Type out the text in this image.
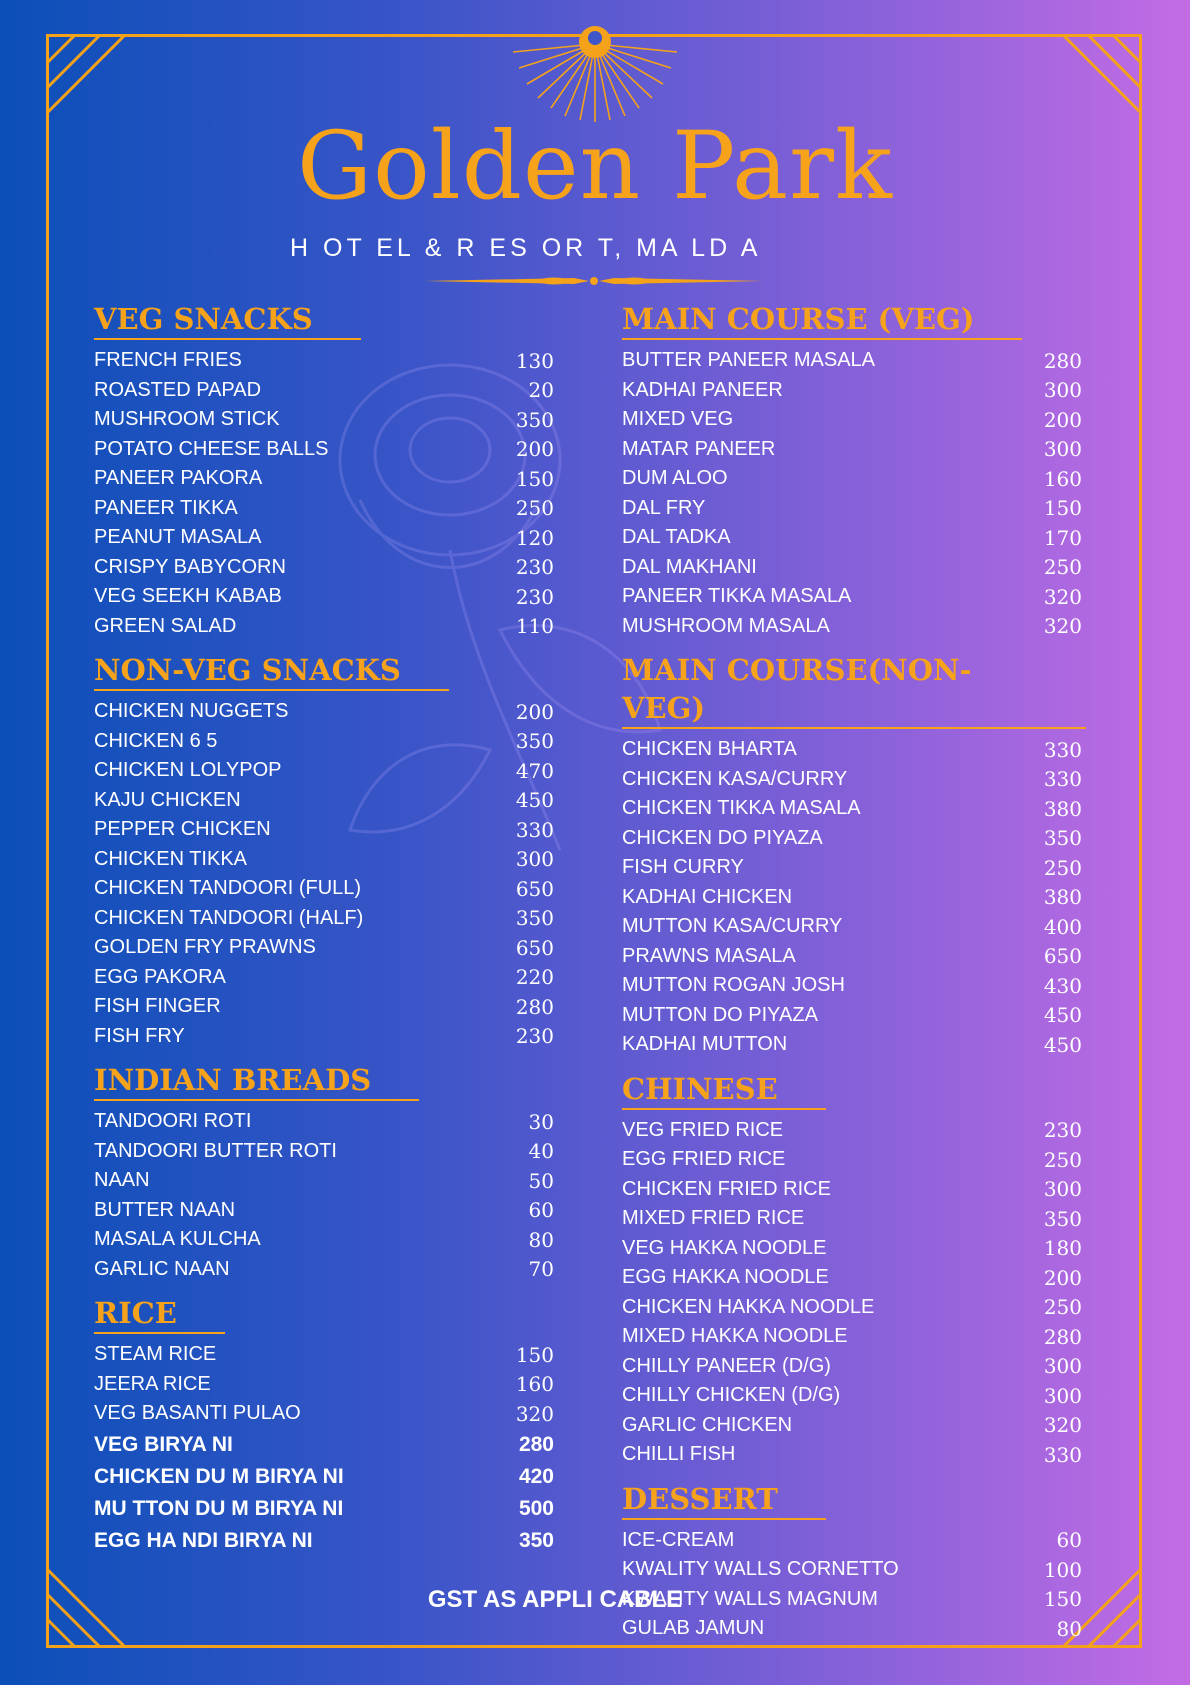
Golden Park
H OT EL & R ES OR T, MA LD A
VEG SNACKS
FRENCH FRIES	130
ROASTED PAPAD	20
MUSHROOM STICK	350
POTATO CHEESE BALLS	200
PANEER PAKORA	150
PANEER TIKKA	250
PEANUT MASALA	120
CRISPY BABYCORN	230
VEG SEEKH KABAB	230
GREEN SALAD	110
NON-VEG SNACKS
CHICKEN NUGGETS	200
CHICKEN 6 5	350
CHICKEN LOLYPOP	470
KAJU CHICKEN	450
PEPPER CHICKEN	330
CHICKEN TIKKA	300
CHICKEN TANDOORI (FULL)	650
CHICKEN TANDOORI (HALF)	350
GOLDEN FRY PRAWNS	650
EGG PAKORA	220
FISH FINGER	280
FISH FRY	230
INDIAN BREADS
TANDOORI ROTI	30
TANDOORI BUTTER ROTI	40
NAAN	50
BUTTER NAAN	60
MASALA KULCHA	80
GARLIC NAAN	70
RICE
STEAM RICE	150
JEERA RICE	160
VEG BASANTI PULAO	320
VEG BIRYA NI	280
CHICKEN DU M BIRYA NI	420
MU TTON DU M BIRYA NI	500
EGG HA NDI BIRYA NI	350
MAIN COURSE (VEG)
BUTTER PANEER MASALA	280
KADHAI PANEER	300
MIXED VEG	200
MATAR PANEER	300
DUM ALOO	160
DAL FRY	150
DAL TADKA	170
DAL MAKHANI	250
PANEER TIKKA MASALA	320
MUSHROOM MASALA	320
MAIN COURSE(NON-VEG)
CHICKEN BHARTA	330
CHICKEN KASA/CURRY	330
CHICKEN TIKKA MASALA	380
CHICKEN DO PIYAZA	350
FISH CURRY	250
KADHAI CHICKEN	380
MUTTON KASA/CURRY	400
PRAWNS MASALA	650
MUTTON ROGAN JOSH	430
MUTTON DO PIYAZA	450
KADHAI MUTTON	450
CHINESE
VEG FRIED RICE	230
EGG FRIED RICE	250
CHICKEN FRIED RICE	300
MIXED FRIED RICE	350
VEG HAKKA NOODLE	180
EGG HAKKA NOODLE	200
CHICKEN HAKKA NOODLE	250
MIXED HAKKA NOODLE	280
CHILLY PANEER (D/G)	300
CHILLY CHICKEN (D/G)	300
GARLIC CHICKEN	320
CHILLI FISH	330
DESSERT
ICE-CREAM	60
KWALITY WALLS CORNETTO	100
KWALITY WALLS MAGNUM	150
GULAB JAMUN	80
GST AS APPLI CABLE
